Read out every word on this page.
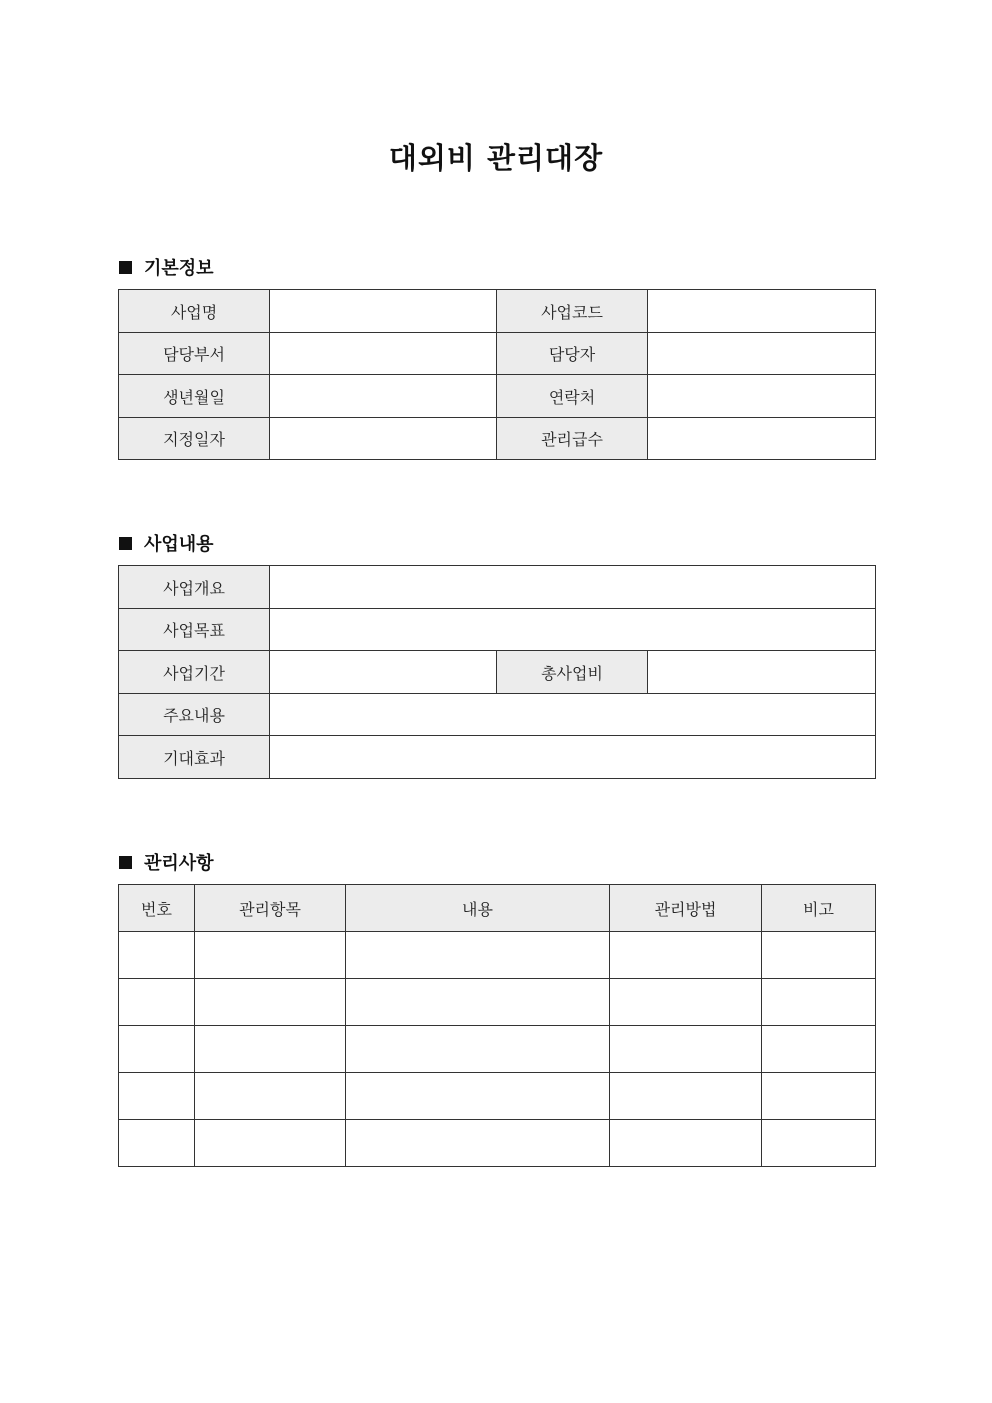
대외비 관리대장
기본정보
사업명		사업코드	
담당부서		담당자	
생년월일		연락처	
지정일자		관리급수	
사업내용
사업개요			
사업목표			
사업기간		총사업비	
주요내용			
기대효과			
관리사항
번호	관리항목	내용	관리방법	비고
